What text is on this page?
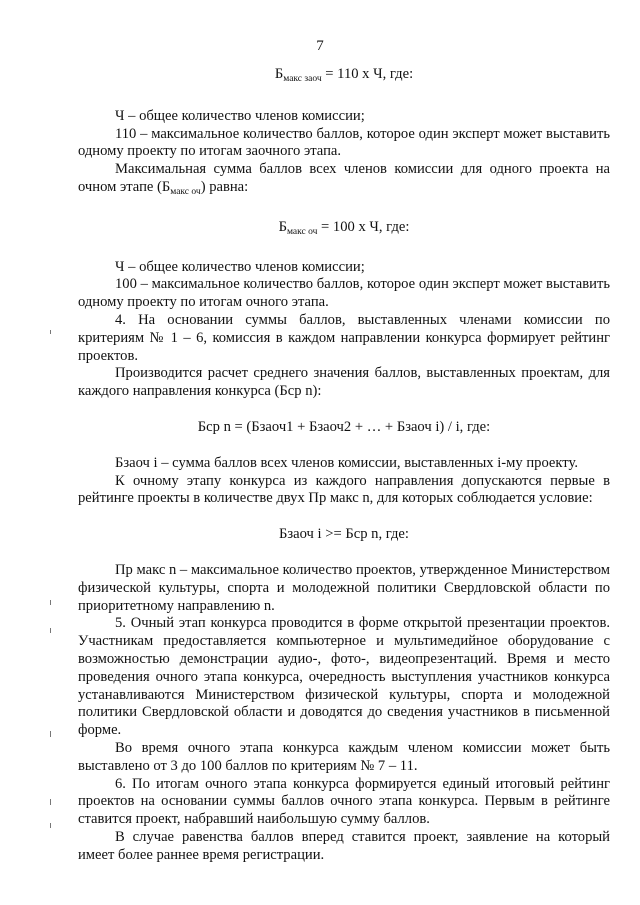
7

$Б_{макс заоч} = 110$ х Ч, где:

Ч – общее количество членов комиссии;

110 – максимальное количество баллов, которое один эксперт может выставить одному проекту по итогам заочного этапа.

Максимальная сумма баллов всех членов комиссии для одного проекта на очном этапе $(Б_{макс оч})$ равна:

$Б_{макс оч} = 100$ х Ч, где:

Ч – общее количество членов комиссии;

100 – максимальное количество баллов, которое один эксперт может выставить одному проекту по итогам очного этапа.

4. На основании суммы баллов, выставленных членами комиссии по критериям № 1 – 6, комиссия в каждом направлении конкурса формирует рейтинг проектов.

Производится расчет среднего значения баллов, выставленных проектам, для каждого направления конкурса (Бср n):

Бср n = (Бзаоч1 + Бзаоч2 + … + Бзаоч i) / i, где:

Бзаоч i – сумма баллов всех членов комиссии, выставленных i-му проекту.

К очному этапу конкурса из каждого направления допускаются первые в рейтинге проекты в количестве двух Пр макс n, для которых соблюдается условие:

Бзаоч i >= Бср n, где:

Пр макс n – максимальное количество проектов, утвержденное Министерством физической культуры, спорта и молодежной политики Свердловской области по приоритетному направлению n.

5. Очный этап конкурса проводится в форме открытой презентации проектов. Участникам предоставляется компьютерное и мультимедийное оборудование с возможностью демонстрации аудио-, фото-, видеопрезентаций. Время и место проведения очного этапа конкурса, очередность выступления участников конкурса устанавливаются Министерством физической культуры, спорта и молодежной политики Свердловской области и доводятся до сведения участников в письменной форме.

Во время очного этапа конкурса каждым членом комиссии может быть выставлено от 3 до 100 баллов по критериям № 7 – 11.

6. По итогам очного этапа конкурса формируется единый итоговый рейтинг проектов на основании суммы баллов очного этапа конкурса. Первым в рейтинге ставится проект, набравший наибольшую сумму баллов.

В случае равенства баллов вперед ставится проект, заявление на который имеет более раннее время регистрации.
